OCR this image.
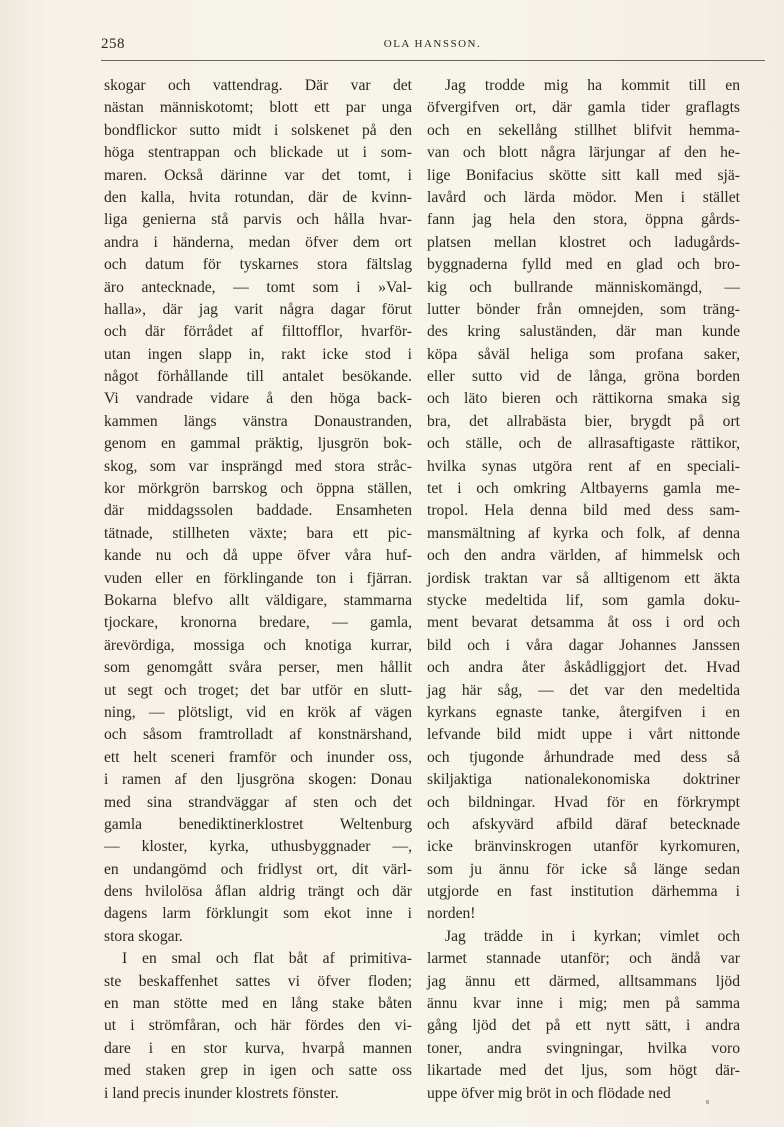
258	OLA HANSSON.
skogar och vattendrag. Där var det
nästan människotomt; blott ett par unga
bondflickor sutto midt i solskenet på den
höga stentrappan och blickade ut i som-
maren. Också därinne var det tomt, i
den kalla, hvita rotundan, där de kvinn-
liga genierna stå parvis och hålla hvar-
andra i händerna, medan öfver dem ort
och datum för tyskarnes stora fältslag
äro antecknade, — tomt som i »Val-
halla», där jag varit några dagar förut
och där förrådet af filttofflor, hvarför-
utan ingen slapp in, rakt icke stod i
något förhållande till antalet besökande.
Vi vandrade vidare å den höga back-
kammen längs vänstra Donaustranden,
genom en gammal präktig, ljusgrön bok-
skog, som var insprängd med stora stråc-
kor mörkgrön barrskog och öppna ställen,
där middagssolen baddade. Ensamheten
tätnade, stillheten växte; bara ett pic-
kande nu och då uppe öfver våra huf-
vuden eller en förklingande ton i fjärran.
Bokarna blefvo allt väldigare, stammarna
tjockare, kronorna bredare, — gamla,
ärevördiga, mossiga och knotiga kurrar,
som genomgått svåra perser, men hållit
ut segt och troget; det bar utför en slutt-
ning, — plötsligt, vid en krök af vägen
och såsom framtrolladt af konstnärshand,
ett helt sceneri framför och inunder oss,
i ramen af den ljusgröna skogen: Donau
med sina strandväggar af sten och det
gamla benediktinerklostret Weltenburg
— kloster, kyrka, uthusbyggnader —,
en undangömd och fridlyst ort, dit värl-
dens hvilolösa åflan aldrig trängt och där
dagens larm förklungit som ekot inne i
stora skogar.
I en smal och flat båt af primitiva-
ste beskaffenhet sattes vi öfver floden;
en man stötte med en lång stake båten
ut i strömfåran, och här fördes den vi-
dare i en stor kurva, hvarpå mannen
med staken grep in igen och satte oss
i land precis inunder klostrets fönster.
Jag trodde mig ha kommit till en
öfvergifven ort, där gamla tider graflagts
och en sekellång stillhet blifvit hemma-
van och blott några lärjungar af den he-
lige Bonifacius skötte sitt kall med sjä-
lavård och lärda mödor. Men i stället
fann jag hela den stora, öppna gårds-
platsen mellan klostret och ladugårds-
byggnaderna fylld med en glad och bro-
kig och bullrande människomängd, —
lutter bönder från omnejden, som träng-
des kring saluständen, där man kunde
köpa såväl heliga som profana saker,
eller sutto vid de långa, gröna borden
och läto bieren och rättikorna smaka sig
bra, det allrabästa bier, brygdt på ort
och ställe, och de allrasaftigaste rättikor,
hvilka synas utgöra rent af en speciali-
tet i och omkring Altbayerns gamla me-
tropol. Hela denna bild med dess sam-
mansmältning af kyrka och folk, af denna
och den andra världen, af himmelsk och
jordisk traktan var så alltigenom ett äkta
stycke medeltida lif, som gamla doku-
ment bevarat detsamma åt oss i ord och
bild och i våra dagar Johannes Janssen
och andra åter åskådliggjort det. Hvad
jag här såg, — det var den medeltida
kyrkans egnaste tanke, återgifven i en
lefvande bild midt uppe i vårt nittonde
och tjugonde århundrade med dess så
skiljaktiga nationalekonomiska doktriner
och bildningar. Hvad för en förkrympt
och afskyvärd afbild däraf betecknade
icke bränvinskrogen utanför kyrkomuren,
som ju ännu för icke så länge sedan
utgjorde en fast institution därhemma i
norden!
Jag trädde in i kyrkan; vimlet och
larmet stannade utanför; och ändå var
jag ännu ett därmed, alltsammans ljöd
ännu kvar inne i mig; men på samma
gång ljöd det på ett nytt sätt, i andra
toner, andra svingningar, hvilka voro
likartade med det ljus, som högt där-
uppe öfver mig bröt in och flödade ned
